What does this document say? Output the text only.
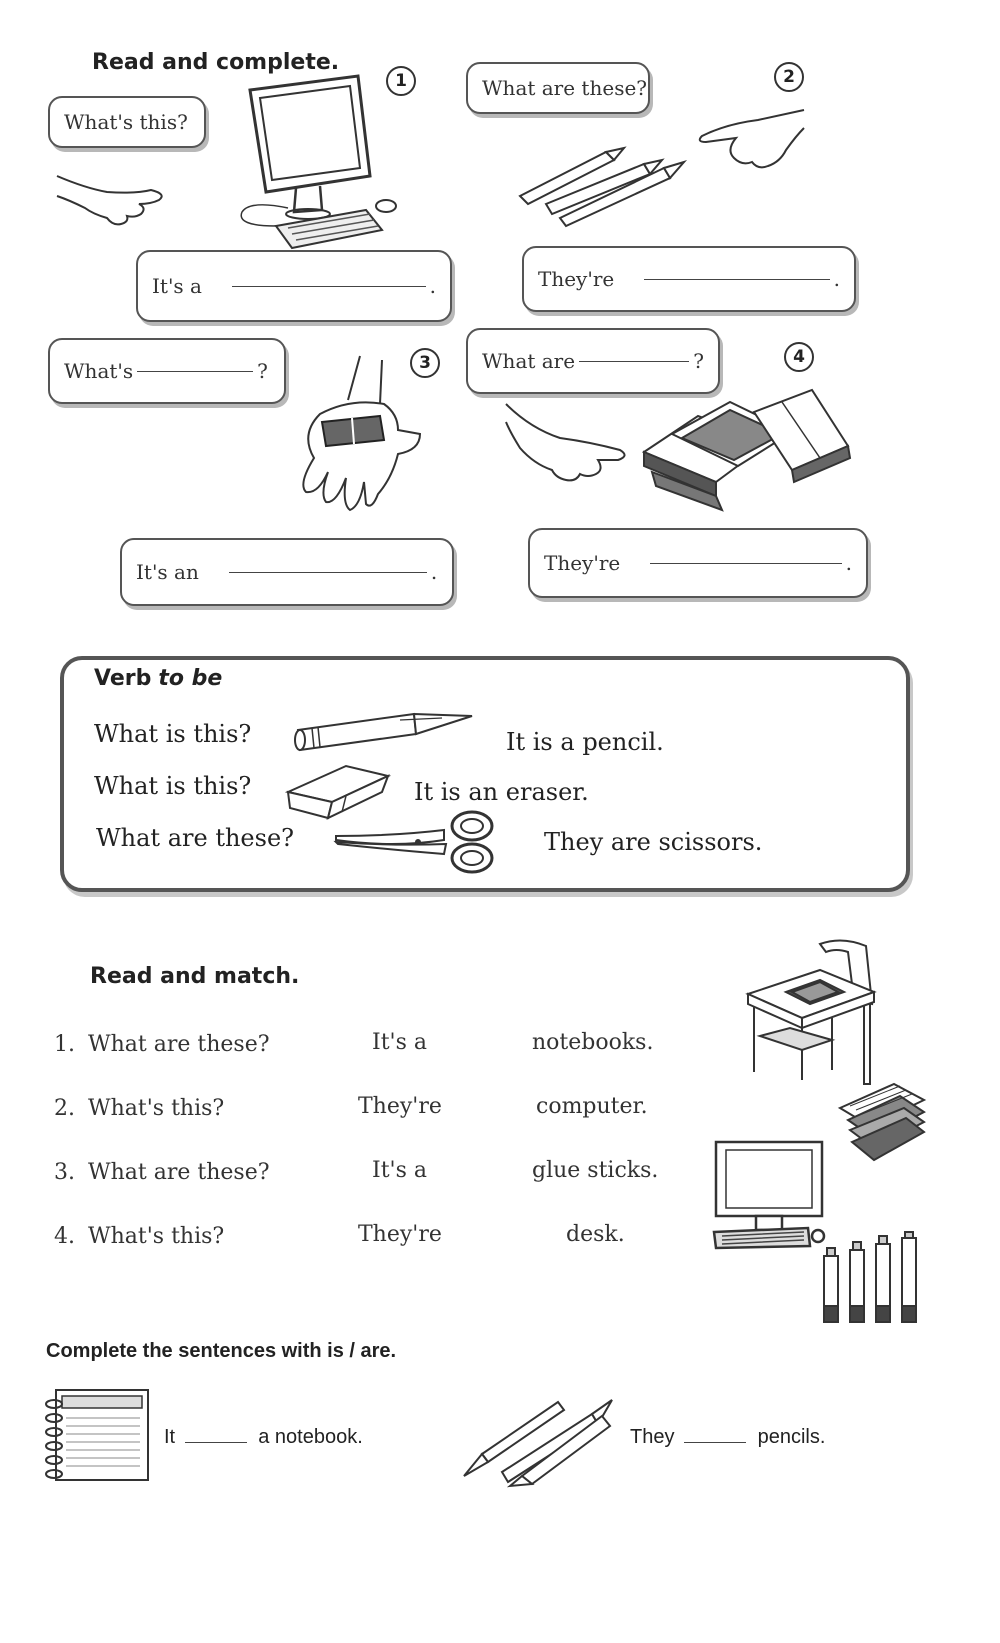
Read and complete.
1	2
3	4
What's this?
What are these?
It's a	.	They're	.
What's	?	What are	?
It's an	.	They're	.
Verb to be
What is this?	It is a pencil.
What is this?	It is an eraser.
What are these?	They are scissors.
Read and match.
1. What are these?	It's a	notebooks.
2. What's this?	They're	computer.
3. What are these?	It's a	glue sticks.
4. What's this?	They're	desk.
Complete the sentences with is / are.
It	a notebook.	They	pencils.
